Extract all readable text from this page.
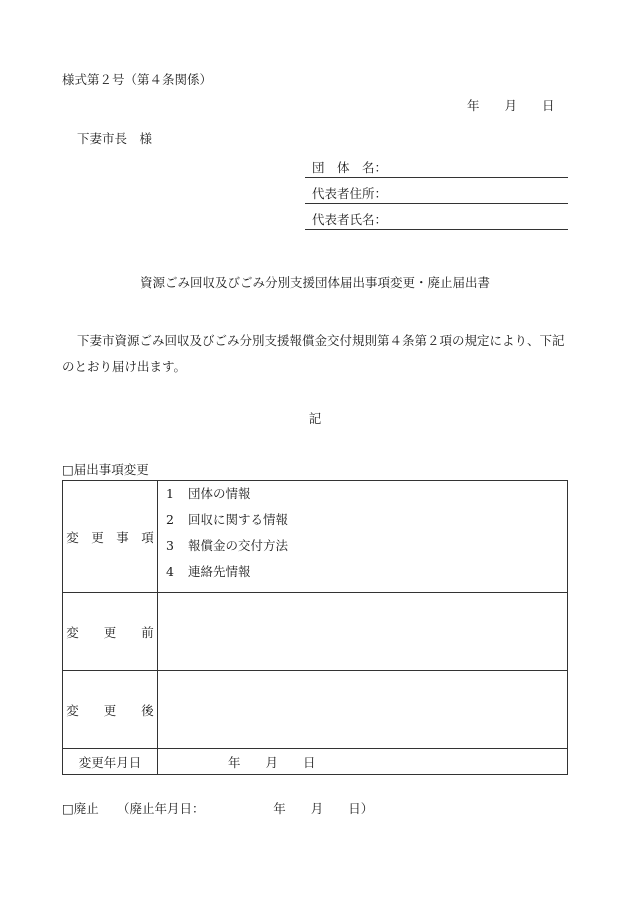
様式第２号（第４条関係）
年　　月　　日
下妻市長　様
団　体　名：
代表者住所：
代表者氏名：
資源ごみ回収及びごみ分別支援団体届出事項変更・廃止届出書
下妻市資源ごみ回収及びごみ分別支援報償金交付規則第４条第２項の規定により、下記
のとおり届け出ます。
記
□届出事項変更
変　更　事　項	1 団体の情報
2 回収に関する情報
3 報償金の交付方法
4 連絡先情報

変　　更　　前	
変　　更　　後	
変更年月日	年　　月　　日
□廃止 （廃止年月日：　　　　　　年　　月　　日）
